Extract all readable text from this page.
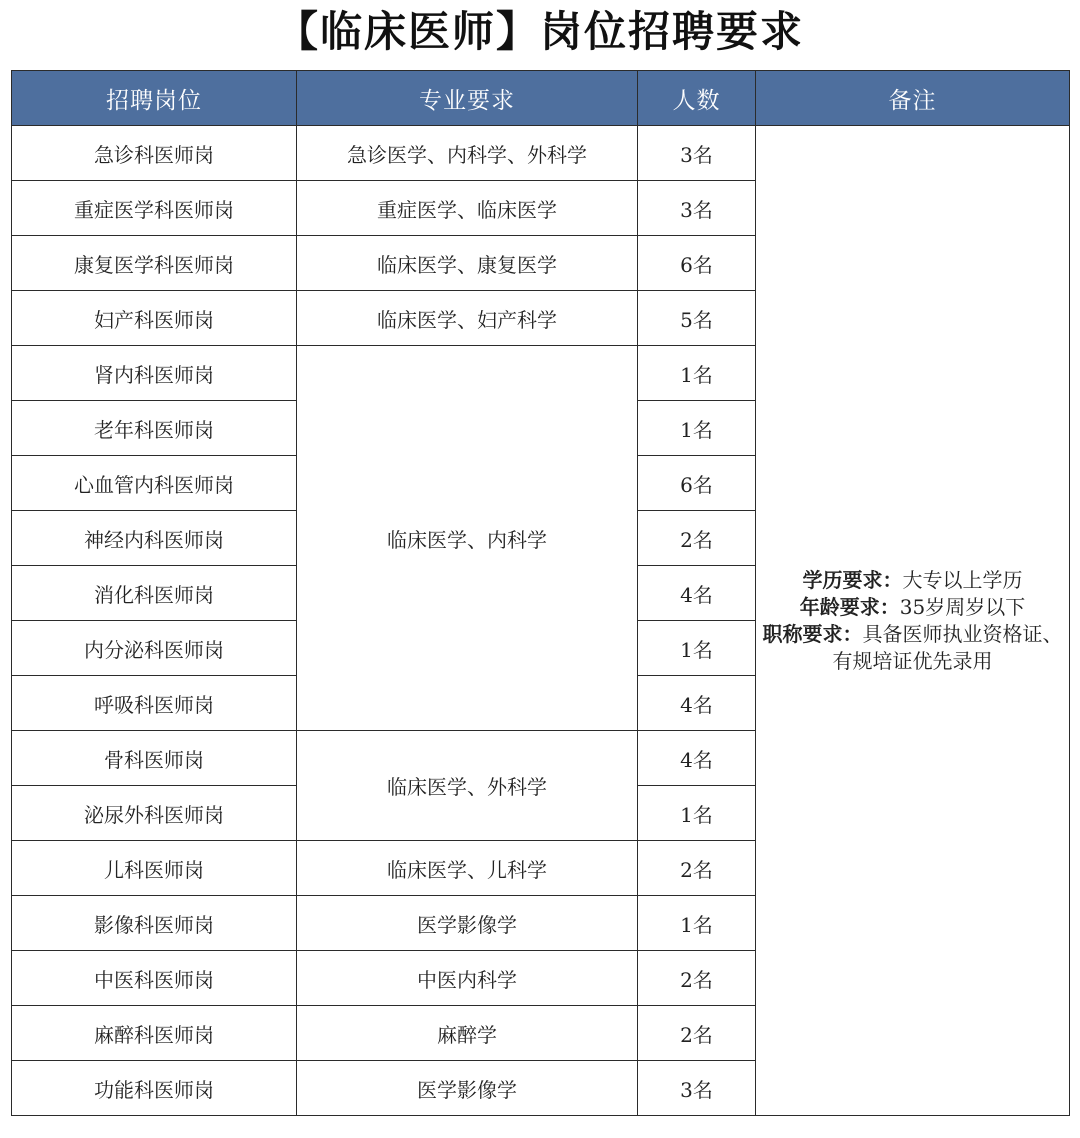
【临床医师】岗位招聘要求
招聘岗位	专业要求	人数	备注
急诊科医师岗	急诊医学、内科学、外科学	3名	学历要求：大专以上学历
年龄要求：35岁周岁以下
职称要求：具备医师执业资格证、有规培证优先录用

重症医学科医师岗	重症医学、临床医学	3名	
康复医学科医师岗	临床医学、康复医学	6名	
妇产科医师岗	临床医学、妇产科学	5名	
肾内科医师岗	临床医学、内科学	1名	
老年科医师岗		1名	
心血管内科医师岗		6名	
神经内科医师岗		2名	
消化科医师岗		4名	
内分泌科医师岗		1名	
呼吸科医师岗		4名	
骨科医师岗	临床医学、外科学	4名	
泌尿外科医师岗		1名	
儿科医师岗	临床医学、儿科学	2名	
影像科医师岗	医学影像学	1名	
中医科医师岗	中医内科学	2名	
麻醉科医师岗	麻醉学	2名	
功能科医师岗	医学影像学	3名	
